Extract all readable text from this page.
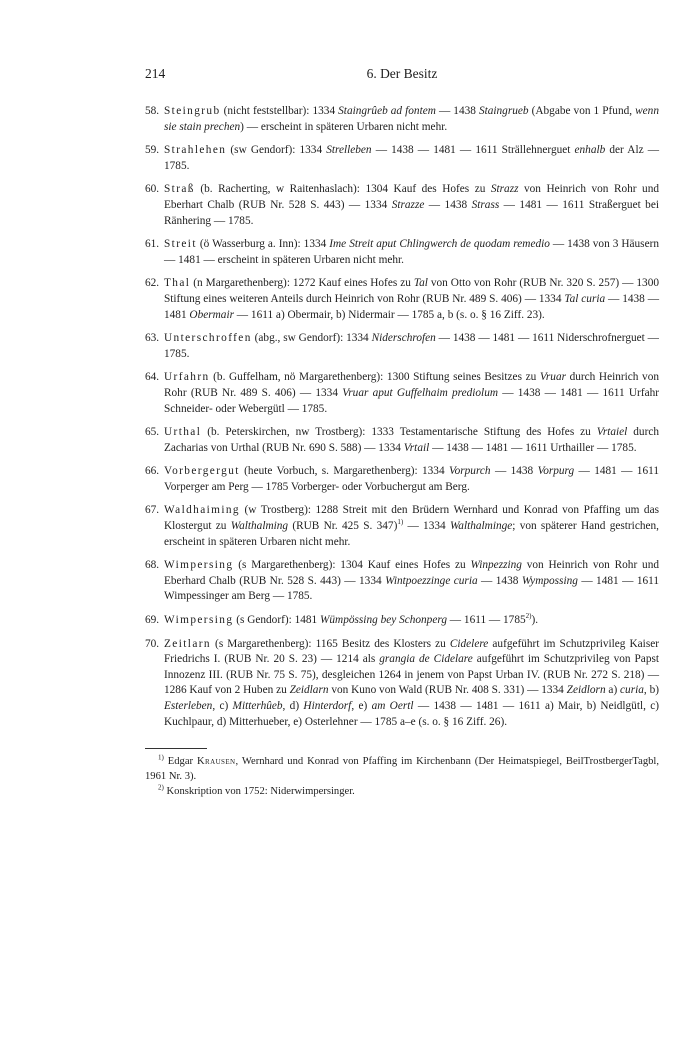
214	6. Der Besitz

58. Steingrub (nicht feststellbar): 1334 Staingrûeb ad fontem — 1438 Staingrueb (Abgabe von 1 Pfund, wenn sie stain prechen) — erscheint in späteren Urbaren nicht mehr.

59. Strahlehen (sw Gendorf): 1334 Strelleben — 1438 — 1481 — 1611 Strällehnerguet enhalb der Alz — 1785.

60. Straß (b. Racherting, w Raitenhaslach): 1304 Kauf des Hofes zu Strazz von Heinrich von Rohr und Eberhart Chalb (RUB Nr. 528 S. 443) — 1334 Strazze — 1438 Strass — 1481 — 1611 Straßerguet bei Ränhering — 1785.

61. Streit (ö Wasserburg a. Inn): 1334 Ime Streit aput Chlingwerch de quodam remedio — 1438 von 3 Häusern — 1481 — erscheint in späteren Urbaren nicht mehr.

62. Thal (n Margarethenberg): 1272 Kauf eines Hofes zu Tal von Otto von Rohr (RUB Nr. 320 S. 257) — 1300 Stiftung eines weiteren Anteils durch Heinrich von Rohr (RUB Nr. 489 S. 406) — 1334 Tal curia — 1438 — 1481 Obermair — 1611 a) Obermair, b) Nidermair — 1785 a, b (s. o. § 16 Ziff. 23).

63. Unterschroffen (abg., sw Gendorf): 1334 Niderschrofen — 1438 — 1481 — 1611 Niderschrofnerguet — 1785.

64. Urfahrn (b. Guffelham, nö Margarethenberg): 1300 Stiftung seines Besitzes zu Vruar durch Heinrich von Rohr (RUB Nr. 489 S. 406) — 1334 Vruar aput Guffelhaim prediolum — 1438 — 1481 — 1611 Urfahr Schneider- oder Webergütl — 1785.

65. Urthal (b. Peterskirchen, nw Trostberg): 1333 Testamentarische Stiftung des Hofes zu Vrtaiel durch Zacharias von Urthal (RUB Nr. 690 S. 588) — 1334 Vrtail — 1438 — 1481 — 1611 Urthailler — 1785.

66. Vorbergergut (heute Vorbuch, s. Margarethenberg): 1334 Vorpurch — 1438 Vorpurg — 1481 — 1611 Vorperger am Perg — 1785 Vorberger- oder Vorbuchergut am Berg.

67. Waldhaiming (w Trostberg): 1288 Streit mit den Brüdern Wernhard und Konrad von Pfaffing um das Klostergut zu Walthalming (RUB Nr. 425 S. 347)$^{1)}$ — 1334 Walthalminge; von späterer Hand gestrichen, erscheint in späteren Urbaren nicht mehr.

68. Wimpersing (s Margarethenberg): 1304 Kauf eines Hofes zu Winpezzing von Heinrich von Rohr und Eberhard Chalb (RUB Nr. 528 S. 443) — 1334 Wintpoezzinge curia — 1438 Wympossing — 1481 — 1611 Wimpessinger am Berg — 1785.

69. Wimpersing (s Gendorf): 1481 Wümpössing bey Schonperg — 1611 — 1785$^{2)}$).

70. Zeitlarn (s Margarethenberg): 1165 Besitz des Klosters zu Cidelere aufgeführt im Schutzprivileg Kaiser Friedrichs I. (RUB Nr. 20 S. 23) — 1214 als grangia de Cidelare aufgeführt im Schutzprivileg von Papst Innozenz III. (RUB Nr. 75 S. 75), desgleichen 1264 in jenem von Papst Urban IV. (RUB Nr. 272 S. 218) — 1286 Kauf von 2 Huben zu Zeidlarn von Kuno von Wald (RUB Nr. 408 S. 331) — 1334 Zeidlorn a) curia, b) Esterleben, c) Mitterhûeb, d) Hinterdorf, e) am Oertl — 1438 — 1481 — 1611 a) Mair, b) Neidlgütl, c) Kuchlpaur, d) Mitterhueber, e) Osterlehner — 1785 a–e (s. o. § 16 Ziff. 26).

$^{1)}$ Edgar Krausen, Wernhard und Konrad von Pfaffing im Kirchenbann (Der Heimatspiegel, BeilTrostbergerTagbl, 1961 Nr. 3).

$^{2)}$ Konskription von 1752: Niderwimpersinger.
